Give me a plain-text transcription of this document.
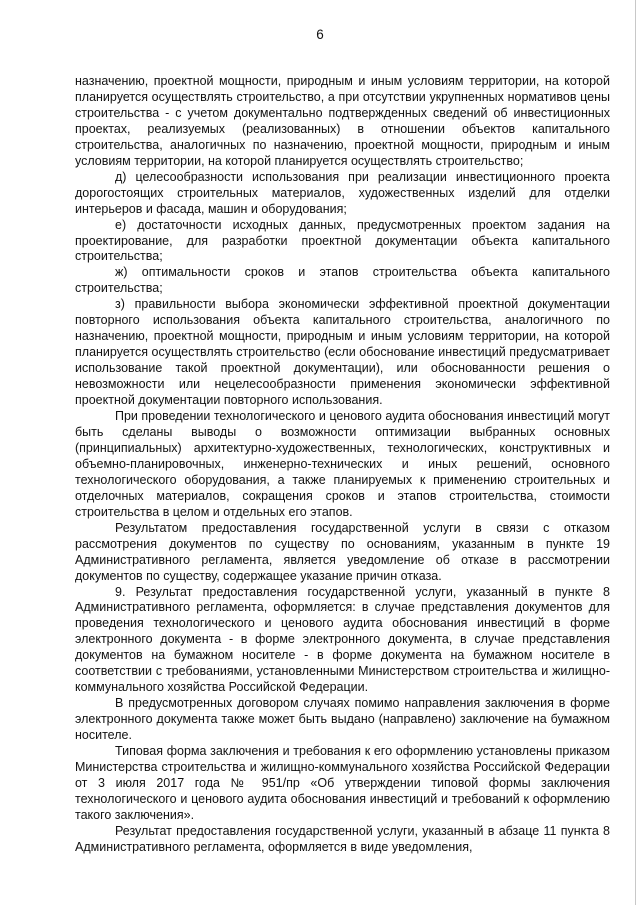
6

назначению, проектной мощности, природным и иным условиям территории, на которой планируется осуществлять строительство, а при отсутствии укрупненных нормативов цены строительства - с учетом документально подтвержденных сведений об инвестиционных проектах, реализуемых (реализованных) в отношении объектов капитального строительства, аналогичных по назначению, проектной мощности, природным и иным условиям территории, на которой планируется осуществлять строительство;

д) целесообразности использования при реализации инвестиционного проекта дорогостоящих строительных материалов, художественных изделий для отделки интерьеров и фасада, машин и оборудования;

е) достаточности исходных данных, предусмотренных проектом задания на проектирование, для разработки проектной документации объекта капитального строительства;

ж) оптимальности сроков и этапов строительства объекта капитального строительства;

з) правильности выбора экономически эффективной проектной документации повторного использования объекта капитального строительства, аналогичного по назначению, проектной мощности, природным и иным условиям территории, на которой планируется осуществлять строительство (если обоснование инвестиций предусматривает использование такой проектной документации), или обоснованности решения о невозможности или нецелесообразности применения экономически эффективной проектной документации повторного использования.

При проведении технологического и ценового аудита обоснования инвестиций могут быть сделаны выводы о возможности оптимизации выбранных основных (принципиальных) архитектурно-художественных, технологических, конструктивных и объемно-планировочных, инженерно-технических и иных решений, основного технологического оборудования, а также планируемых к применению строительных и отделочных материалов, сокращения сроков и этапов строительства, стоимости строительства в целом и отдельных его этапов.

Результатом предоставления государственной услуги в связи с отказом рассмотрения документов по существу по основаниям, указанным в пункте 19 Административного регламента, является уведомление об отказе в рассмотрении документов по существу, содержащее указание причин отказа.

9. Результат предоставления государственной услуги, указанный в пункте 8 Административного регламента, оформляется: в случае представления документов для проведения технологического и ценового аудита обоснования инвестиций в форме электронного документа - в форме электронного документа, в случае представления документов на бумажном носителе - в форме документа на бумажном носителе в соответствии с требованиями, установленными Министерством строительства и жилищно-коммунального хозяйства Российской Федерации.

В предусмотренных договором случаях помимо направления заключения в форме электронного документа также может быть выдано (направлено) заключение на бумажном носителе.

Типовая форма заключения и требования к его оформлению установлены приказом Министерства строительства и жилищно-коммунального хозяйства Российской Федерации от 3 июля 2017 года № 951/пр «Об утверждении типовой формы заключения технологического и ценового аудита обоснования инвестиций и требований к оформлению такого заключения».

Результат предоставления государственной услуги, указанный в абзаце 11 пункта 8 Административного регламента, оформляется в виде уведомления,
